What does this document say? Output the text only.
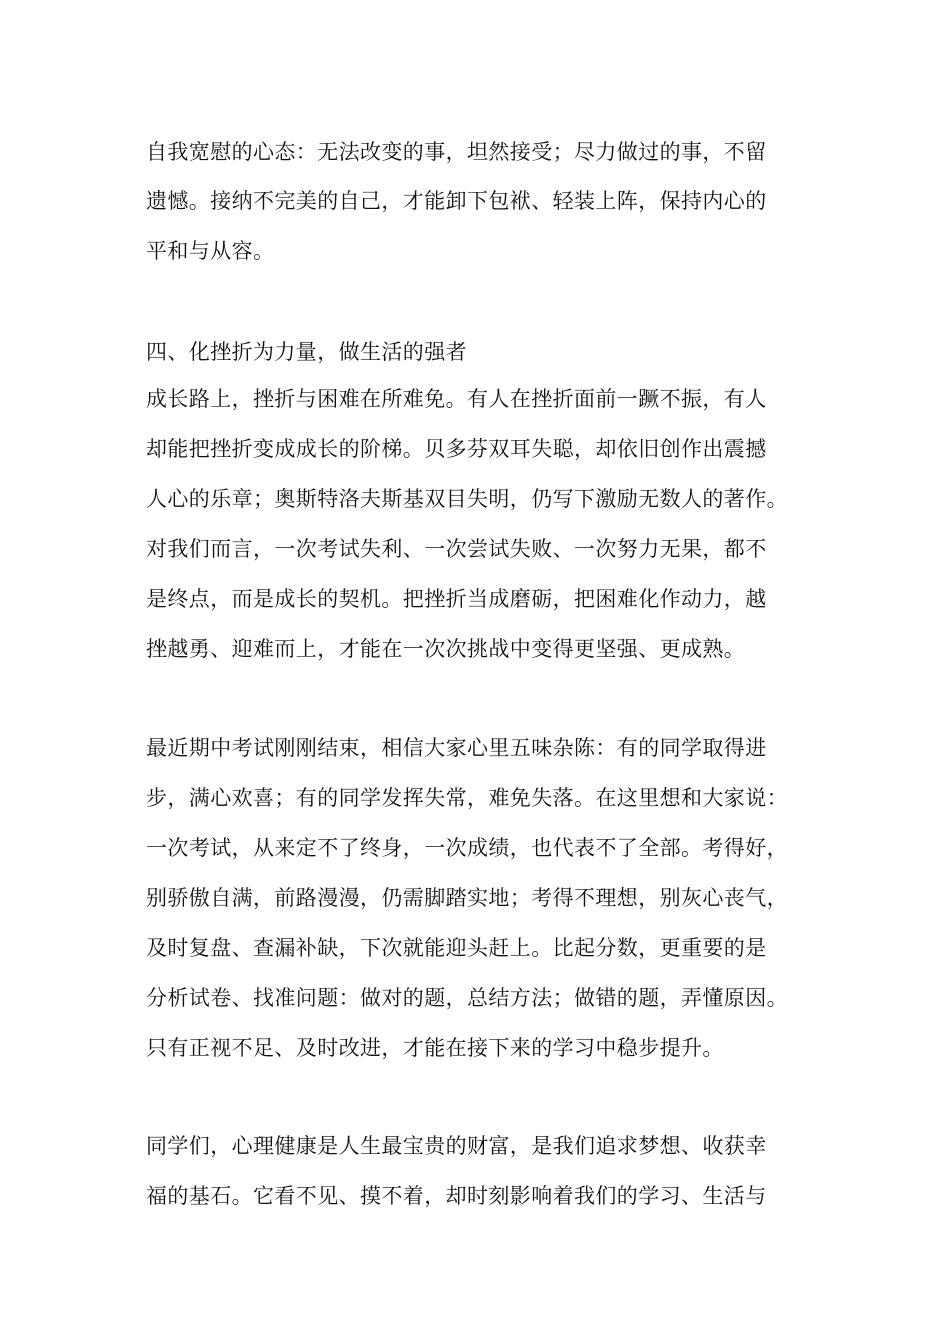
自我宽慰的心态：无法改变的事，坦然接受；尽力做过的事，不留
遗憾。接纳不完美的自己，才能卸下包袱、轻装上阵，保持内心的
平和与从容。
四、化挫折为力量，做生活的强者
成长路上，挫折与困难在所难免。有人在挫折面前一蹶不振，有人
却能把挫折变成成长的阶梯。贝多芬双耳失聪，却依旧创作出震撼
人心的乐章；奥斯特洛夫斯基双目失明，仍写下激励无数人的著作。
对我们而言，一次考试失利、一次尝试失败、一次努力无果，都不
是终点，而是成长的契机。把挫折当成磨砺，把困难化作动力，越
挫越勇、迎难而上，才能在一次次挑战中变得更坚强、更成熟。
最近期中考试刚刚结束，相信大家心里五味杂陈：有的同学取得进
步，满心欢喜；有的同学发挥失常，难免失落。在这里想和大家说：
一次考试，从来定不了终身，一次成绩，也代表不了全部。考得好，
别骄傲自满，前路漫漫，仍需脚踏实地；考得不理想，别灰心丧气，
及时复盘、查漏补缺，下次就能迎头赶上。比起分数，更重要的是
分析试卷、找准问题：做对的题，总结方法；做错的题，弄懂原因。
只有正视不足、及时改进，才能在接下来的学习中稳步提升。
同学们，心理健康是人生最宝贵的财富，是我们追求梦想、收获幸
福的基石。它看不见、摸不着，却时刻影响着我们的学习、生活与
